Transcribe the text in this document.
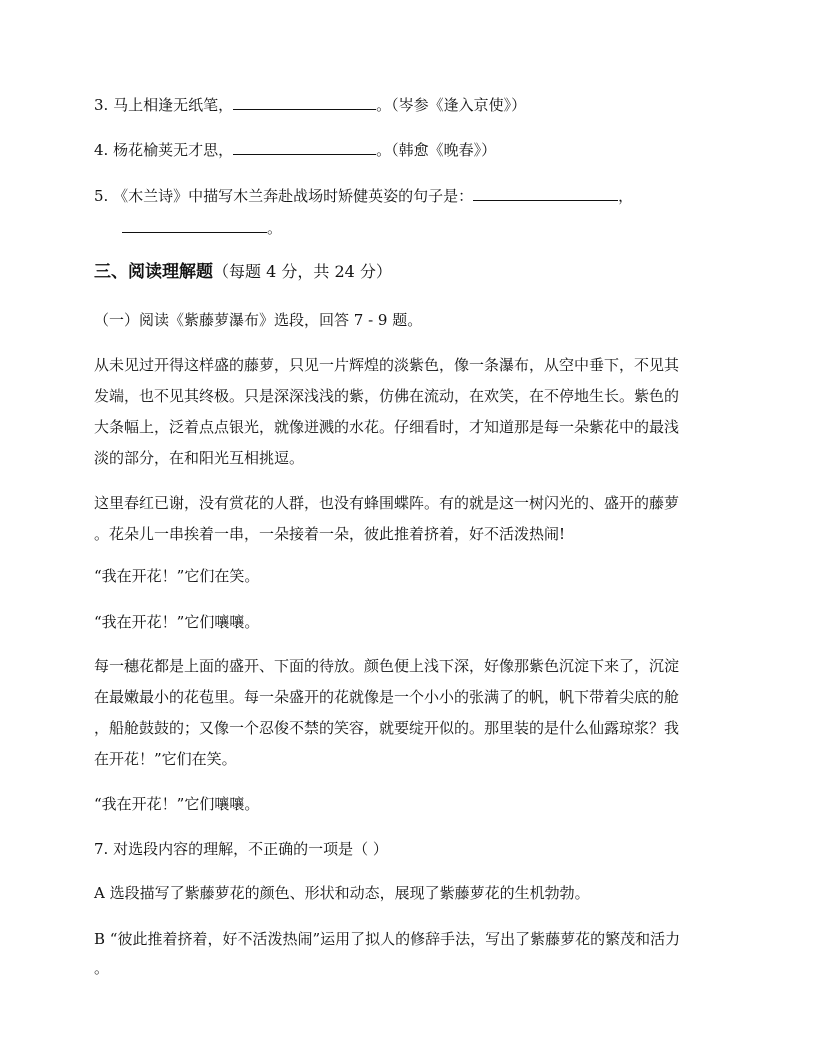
3. 马上相逢无纸笔，	。（岑参《逢入京使》）
4. 杨花榆荚无才思，	。（韩愈《晚春》）
5. 《木兰诗》中描写木兰奔赴战场时矫健英姿的句子是：	，
。
三、阅读理解题（每题 4 分，共 24 分）
（一）阅读《紫藤萝瀑布》选段，回答 7 - 9 题。
从未见过开得这样盛的藤萝，只见一片辉煌的淡紫色，像一条瀑布，从空中垂下，不见其
发端，也不见其终极。只是深深浅浅的紫，仿佛在流动，在欢笑，在不停地生长。紫色的
大条幅上，泛着点点银光，就像迸溅的水花。仔细看时，才知道那是每一朵紫花中的最浅
淡的部分，在和阳光互相挑逗。
这里春红已谢，没有赏花的人群，也没有蜂围蝶阵。有的就是这一树闪光的、盛开的藤萝
。花朵儿一串挨着一串，一朵接着一朵，彼此推着挤着，好不活泼热闹!
“我在开花！”它们在笑。
“我在开花！”它们嚷嚷。
每一穗花都是上面的盛开、下面的待放。颜色便上浅下深，好像那紫色沉淀下来了，沉淀
在最嫩最小的花苞里。每一朵盛开的花就像是一个小小的张满了的帆，帆下带着尖底的舱
，船舱鼓鼓的；又像一个忍俊不禁的笑容，就要绽开似的。那里装的是什么仙露琼浆？我
在开花！”它们在笑。
“我在开花！”它们嚷嚷。
7. 对选段内容的理解，不正确的一项是（ ）
A 选段描写了紫藤萝花的颜色、形状和动态，展现了紫藤萝花的生机勃勃。
B “彼此推着挤着，好不活泼热闹”运用了拟人的修辞手法，写出了紫藤萝花的繁茂和活力
。
